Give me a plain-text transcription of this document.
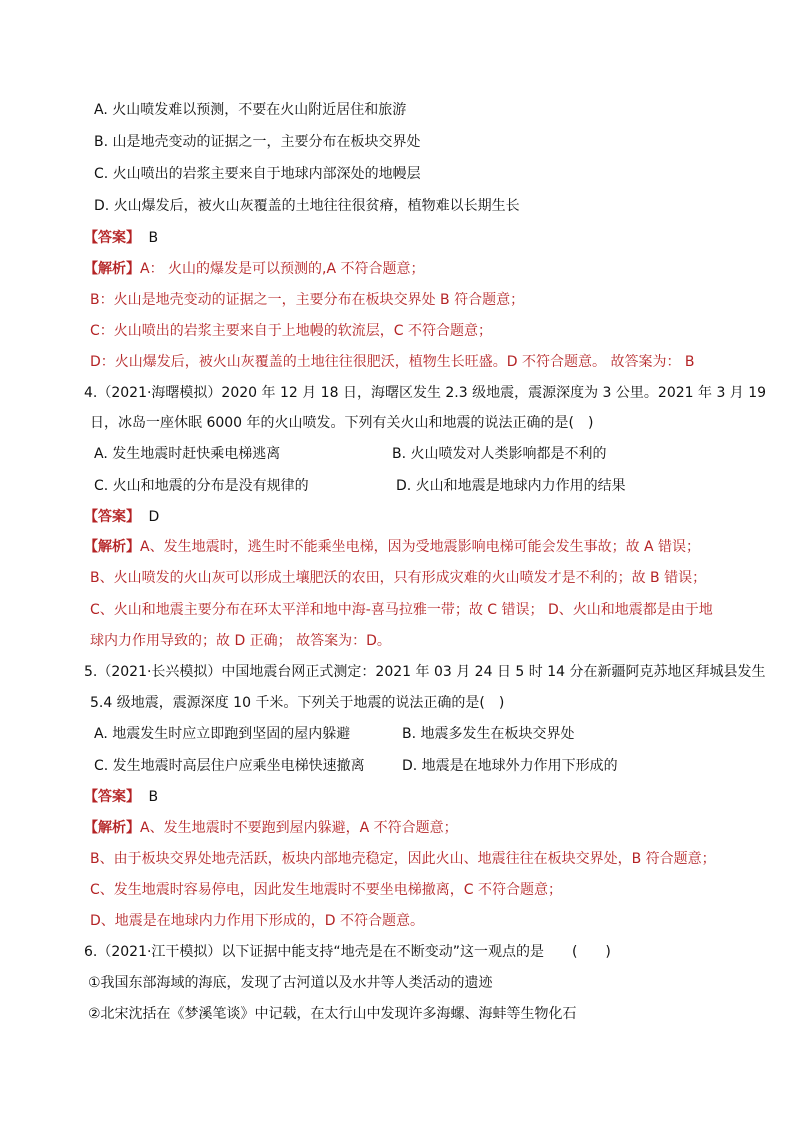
A. 火山喷发难以预测，不要在火山附近居住和旅游
B. 山是地壳变动的证据之一，主要分布在板块交界处
C. 火山喷出的岩浆主要来自于地球内部深处的地幔层
D. 火山爆发后，被火山灰覆盖的土地往往很贫瘠，植物难以长期生长
【答案】 B
【解析】A： 火山的爆发是可以预测的,A 不符合题意；
B：火山是地壳变动的证据之一，主要分布在板块交界处 B 符合题意；
C：火山喷出的岩浆主要来自于上地幔的软流层，C 不符合题意；
D：火山爆发后，被火山灰覆盖的土地往往很肥沃，植物生长旺盛。D 不符合题意。 故答案为： B
4.（2021·海曙模拟）2020 年 12 月 18 日，海曙区发生 2.3 级地震，震源深度为 3 公里。2021 年 3 月 19
日，冰岛一座休眠 6000 年的火山喷发。下列有关火山和地震的说法正确的是(　)
A. 发生地震时赶快乘电梯逃离	B. 火山喷发对人类影响都是不利的
C. 火山和地震的分布是没有规律的	D. 火山和地震是地球内力作用的结果
【答案】 D
【解析】A、发生地震时，逃生时不能乘坐电梯，因为受地震影响电梯可能会发生事故；故 A 错误；
B、火山喷发的火山灰可以形成土壤肥沃的农田，只有形成灾难的火山喷发才是不利的；故 B 错误；
C、火山和地震主要分布在环太平洋和地中海-喜马拉雅一带；故 C 错误； D、火山和地震都是由于地
球内力作用导致的；故 D 正确； 故答案为：D。
5.（2021·长兴模拟）中国地震台网正式测定：2021 年 03 月 24 日 5 时 14 分在新疆阿克苏地区拜城县发生
5.4 级地震，震源深度 10 千米。下列关于地震的说法正确的是(　)
A. 地震发生时应立即跑到坚固的屋内躲避	B. 地震多发生在板块交界处
C. 发生地震时高层住户应乘坐电梯快速撤离	D. 地震是在地球外力作用下形成的
【答案】 B
【解析】A、发生地震时不要跑到屋内躲避，A 不符合题意；
B、由于板块交界处地壳活跃，板块内部地壳稳定，因此火山、地震往往在板块交界处，B 符合题意；
C、发生地震时容易停电，因此发生地震时不要坐电梯撤离，C 不符合题意；
D、地震是在地球内力作用下形成的，D 不符合题意。
6.（2021·江干模拟）以下证据中能支持“地壳是在不断变动”这一观点的是　　(　　)
①我国东部海域的海底，发现了古河道以及水井等人类活动的遗迹
②北宋沈括在《梦溪笔谈》中记载，在太行山中发现许多海螺、海蚌等生物化石
